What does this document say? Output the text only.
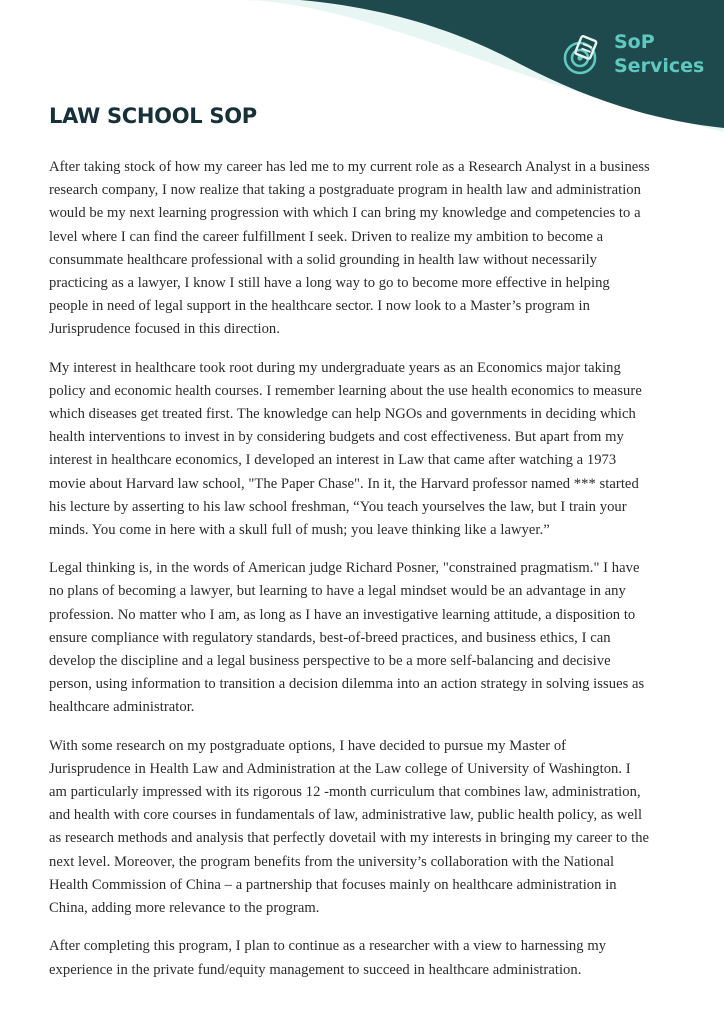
SoP
Services
LAW SCHOOL SOP

After taking stock of how my career has led me to my current role as a Research Analyst in a business
research company, I now realize that taking a postgraduate program in health law and administration
would be my next learning progression with which I can bring my knowledge and competencies to a
level where I can find the career fulfillment I seek. Driven to realize my ambition to become a
consummate healthcare professional with a solid grounding in health law without necessarily
practicing as a lawyer, I know I still have a long way to go to become more effective in helping
people in need of legal support in the healthcare sector. I now look to a Master’s program in
Jurisprudence focused in this direction.

My interest in healthcare took root during my undergraduate years as an Economics major taking
policy and economic health courses. I remember learning about the use health economics to measure
which diseases get treated first. The knowledge can help NGOs and governments in deciding which
health interventions to invest in by considering budgets and cost effectiveness. But apart from my
interest in healthcare economics, I developed an interest in Law that came after watching a 1973
movie about Harvard law school, "The Paper Chase". In it, the Harvard professor named *** started
his lecture by asserting to his law school freshman, “You teach yourselves the law, but I train your
minds. You come in here with a skull full of mush; you leave thinking like a lawyer.”

Legal thinking is, in the words of American judge Richard Posner, "constrained pragmatism." I have
no plans of becoming a lawyer, but learning to have a legal mindset would be an advantage in any
profession. No matter who I am, as long as I have an investigative learning attitude, a disposition to
ensure compliance with regulatory standards, best-of-breed practices, and business ethics, I can
develop the discipline and a legal business perspective to be a more self-balancing and decisive
person, using information to transition a decision dilemma into an action strategy in solving issues as
healthcare administrator.

With some research on my postgraduate options, I have decided to pursue my Master of
Jurisprudence in Health Law and Administration at the Law college of University of Washington. I
am particularly impressed with its rigorous 12 -month curriculum that combines law, administration,
and health with core courses in fundamentals of law, administrative law, public health policy, as well
as research methods and analysis that perfectly dovetail with my interests in bringing my career to the
next level. Moreover, the program benefits from the university’s collaboration with the National
Health Commission of China – a partnership that focuses mainly on healthcare administration in
China, adding more relevance to the program.

After completing this program, I plan to continue as a researcher with a view to harnessing my
experience in the private fund/equity management to succeed in healthcare administration.
